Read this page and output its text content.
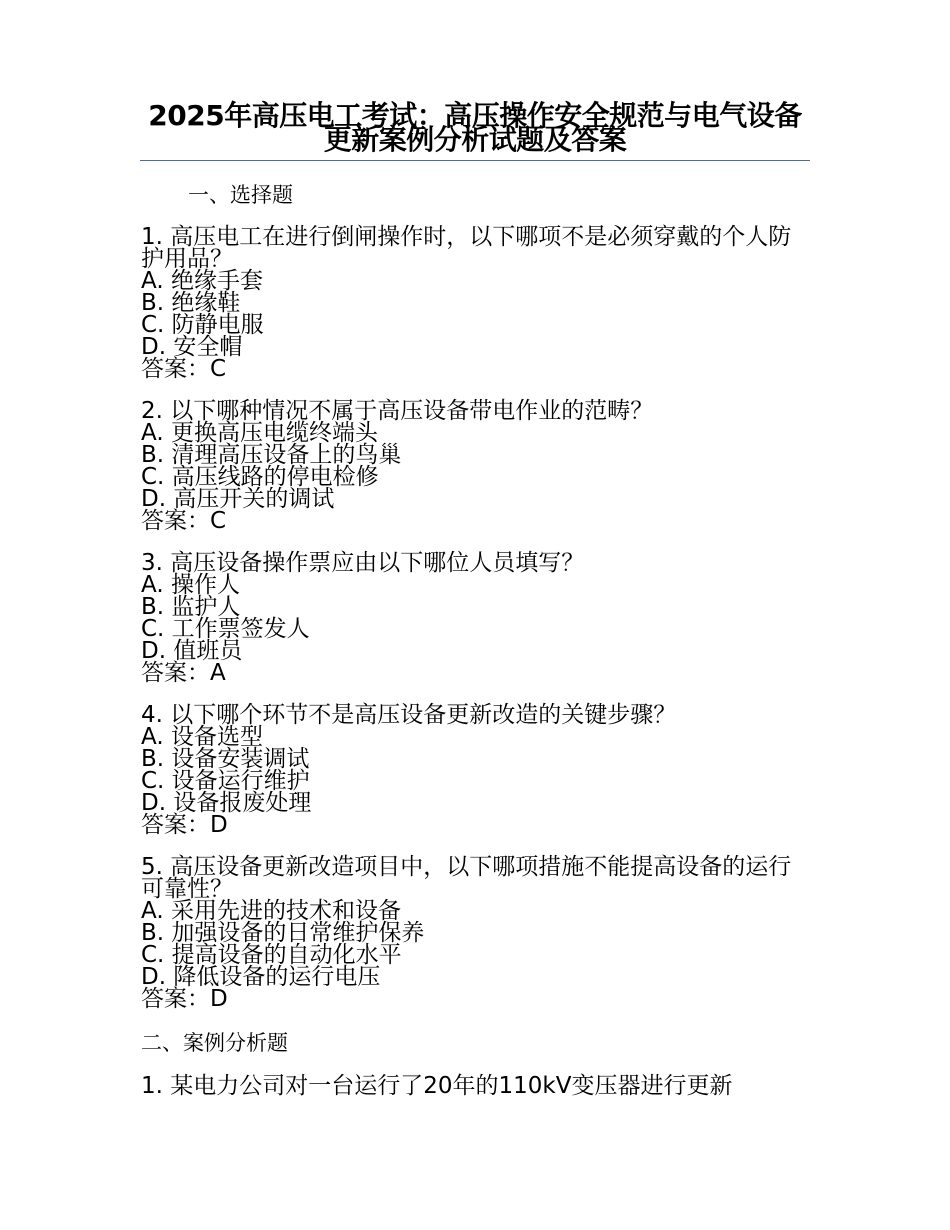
2025年高压电工考试：高压操作安全规范与电气设备更新案例分析试题及答案
一、选择题

1. 高压电工在进行倒闸操作时，以下哪项不是必须穿戴的个人防护用品？

A. 绝缘手套
B. 绝缘鞋
C. 防静电服
D. 安全帽

答案：C

2. 以下哪种情况不属于高压设备带电作业的范畴？

A. 更换高压电缆终端头
B. 清理高压设备上的鸟巢
C. 高压线路的停电检修
D. 高压开关的调试

答案：C

3. 高压设备操作票应由以下哪位人员填写？

A. 操作人
B. 监护人
C. 工作票签发人
D. 值班员

答案：A

4. 以下哪个环节不是高压设备更新改造的关键步骤？

A. 设备选型
B. 设备安装调试
C. 设备运行维护
D. 设备报废处理

答案：D

5. 高压设备更新改造项目中，以下哪项措施不能提高设备的运行可靠性？

A. 采用先进的技术和设备
B. 加强设备的日常维护保养
C. 提高设备的自动化水平
D. 降低设备的运行电压

答案：D

二、案例分析题

1. 某电力公司对一台运行了20年的110kV变压器进行更新
